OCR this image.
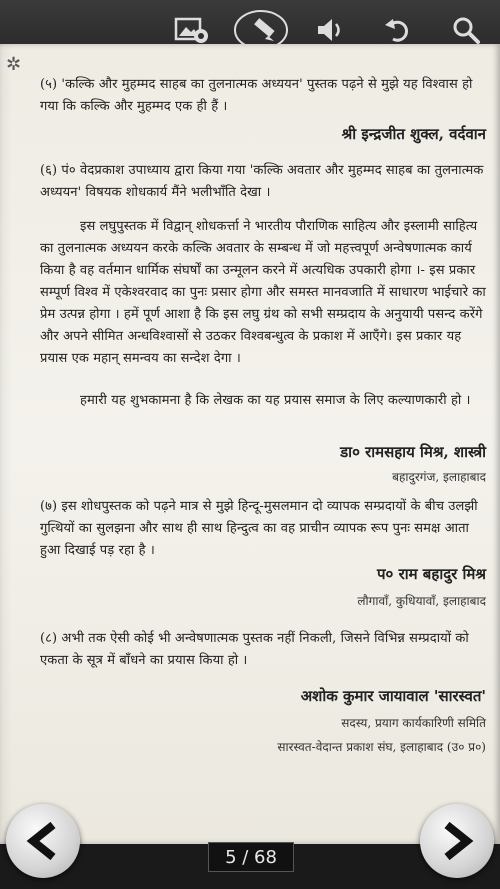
✲
(५) 'कल्कि और मुहम्मद साहब का तुलनात्मक अध्ययन' पुस्तक पढ़ने से मुझे यह विश्वास हो गया कि कल्कि और मुहम्मद एक ही हैं ।
श्री इन्द्रजीत शुक्ल, वर्दवान
(६) पं० वेदप्रकाश उपाध्याय द्वारा किया गया 'कल्कि अवतार और मुहम्मद साहब का तुलनात्मक अध्ययन' विषयक शोधकार्य मैंने भलीभाँति देखा ।
इस लघुपुस्तक में विद्वान् शोधकर्त्ता ने भारतीय पौराणिक साहित्य और इस्लामी साहित्य का तुलनात्मक अध्ययन करके कल्कि अवतार के सम्बन्ध में जो महत्त्वपूर्ण अन्वेषणात्मक कार्य किया है वह वर्तमान धार्मिक संघर्षों का उन्मूलन करने में अत्यधिक उपकारी होगा ।- इस प्रकार सम्पूर्ण विश्व में एकेश्वरवाद का पुनः प्रसार होगा और समस्त मानवजाति में साधारण भाईचारे का प्रेम उत्पन्न होगा । हमें पूर्ण आशा है कि इस लघु ग्रंथ को सभी सम्प्रदाय के अनुयायी पसन्द करेंगे और अपने सीमित अन्धविश्वासों से उठकर विश्वबन्धुत्व के प्रकाश में आएँगे। इस प्रकार यह प्रयास एक महान् समन्वय का सन्देश देगा ।
हमारी यह शुभकामना है कि लेखक का यह प्रयास समाज के लिए कल्याणकारी हो ।
डा० रामसहाय मिश्र, शास्त्री
बहादुरगंज, इलाहाबाद
(७) इस शोधपुस्तक को पढ़ने मात्र से मुझे हिन्दू-मुसलमान दो व्यापक सम्प्रदायों के बीच उलझी गुत्थियों का सुलझना और साथ ही साथ हिन्दुत्व का वह प्राचीन व्यापक रूप पुनः समक्ष आता हुआ दिखाई पड़ रहा है ।
प० राम बहादुर मिश्र
लौगावाँ, कुधियावाँ, इलाहाबाद
(८) अभी तक ऐसी कोई भी अन्वेषणात्मक पुस्तक नहीं निकली, जिसने विभिन्न सम्प्रदायों को एकता के सूत्र में बाँधने का प्रयास किया हो ।
अशोक कुमार जायावाल 'सारस्वत'
सदस्य, प्रयाग कार्यकारिणी समिति
सारस्वत-वेदान्त प्रकाश संघ, इलाहाबाद (उ० प्र०)
5 / 68
